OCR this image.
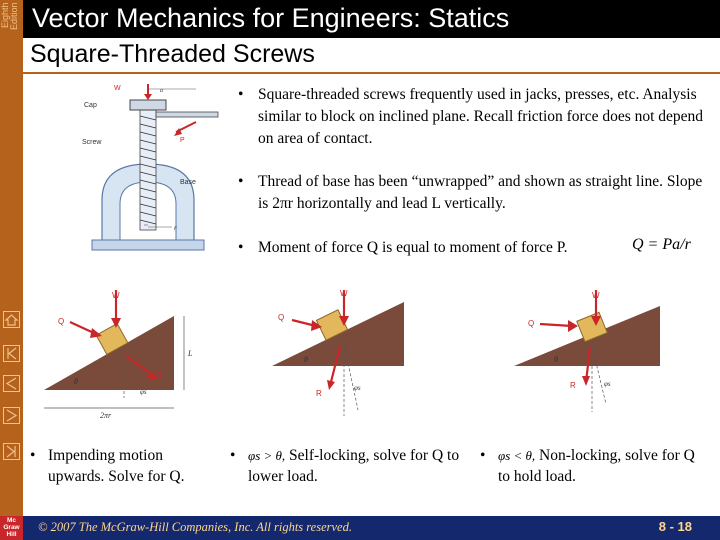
Vector Mechanics for Engineers: Statics
Square-Threaded Screws
Eighth Edition
W	a
Cap
Screw	P
Base
r
• Square-threaded screws frequently used in jacks, presses, etc. Analysis similar to block on inclined plane. Recall friction force does not depend on area of contact.
• Thread of base has been “unwrapped” and shown as straight line. Slope is 2πr horizontally and lead L vertically.
• Moment of force Q is equal to moment of force P.	Q = Pa/r
W
Q
L
θ
R
φs
2πr
W
Q
θ
R
φs
W
Q
θ
R	φs
• Impending motion upwards. Solve for Q.
• φs > θ, Self-locking, solve for Q to lower load.
• φs < θ, Non-locking, solve for Q to hold load.
Mc Graw Hill
© 2007 The McGraw-Hill Companies, Inc. All rights reserved.	8 - 18
